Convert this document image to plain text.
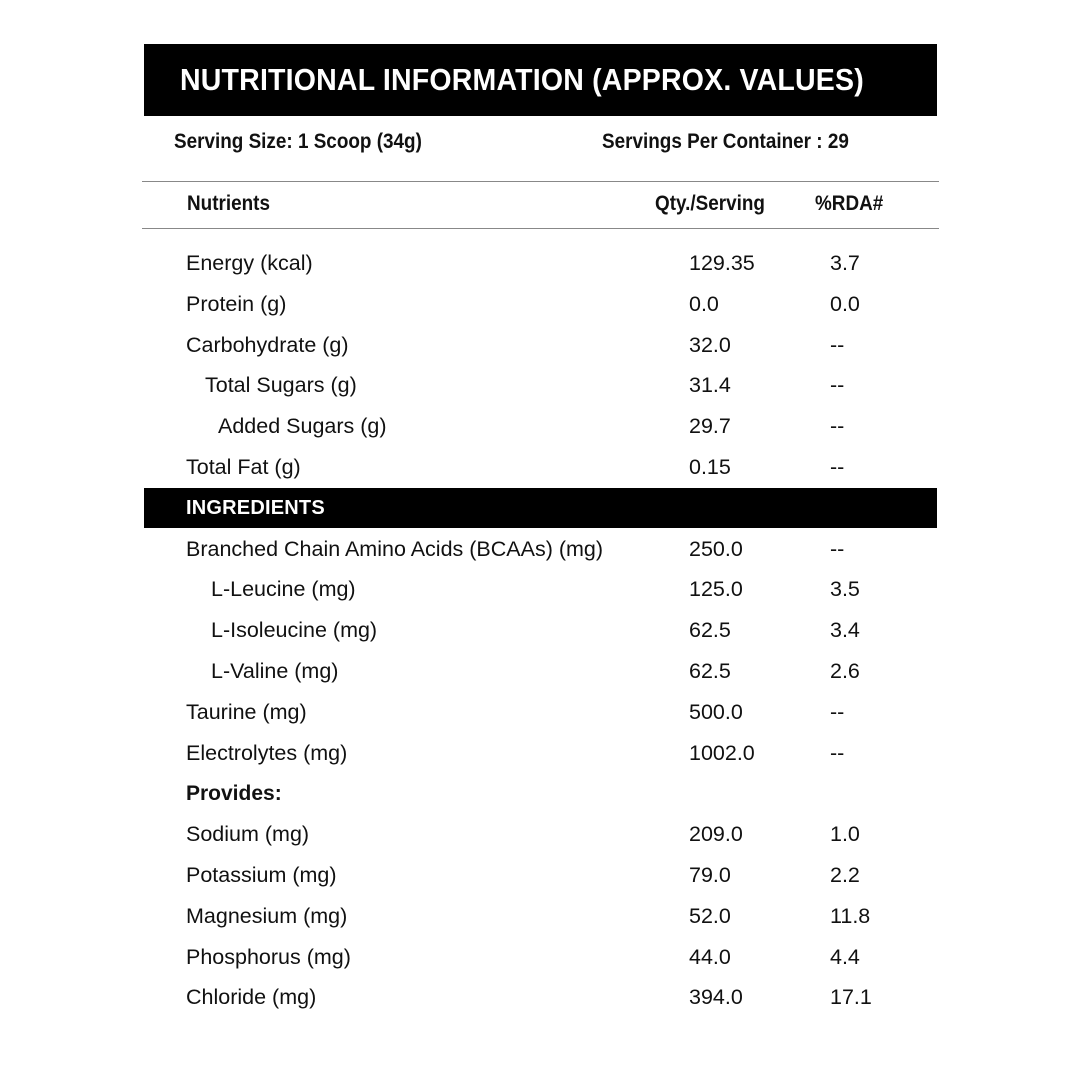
NUTRITIONAL INFORMATION (APPROX. VALUES)
Serving Size: 1 Scoop (34g)	Servings Per Container : 29
Nutrients	Qty./Serving %RDA#
Energy (kcal)	129.35	3.7
Protein (g)	0.0	0.0
Carbohydrate (g)	32.0	--
Total Sugars (g)	31.4	--
Added Sugars (g)	29.7	--
Total Fat (g)	0.15	--
INGREDIENTS
Branched Chain Amino Acids (BCAAs) (mg)	250.0	--
L-Leucine (mg)	125.0	3.5
L-Isoleucine (mg)	62.5	3.4
L-Valine (mg)	62.5	2.6
Taurine (mg)	500.0	--
Electrolytes (mg)	1002.0	--
Provides:
Sodium (mg)	209.0	1.0
Potassium (mg)	79.0	2.2
Magnesium (mg)	52.0	11.8
Phosphorus (mg)	44.0	4.4
Chloride (mg)	394.0	17.1
